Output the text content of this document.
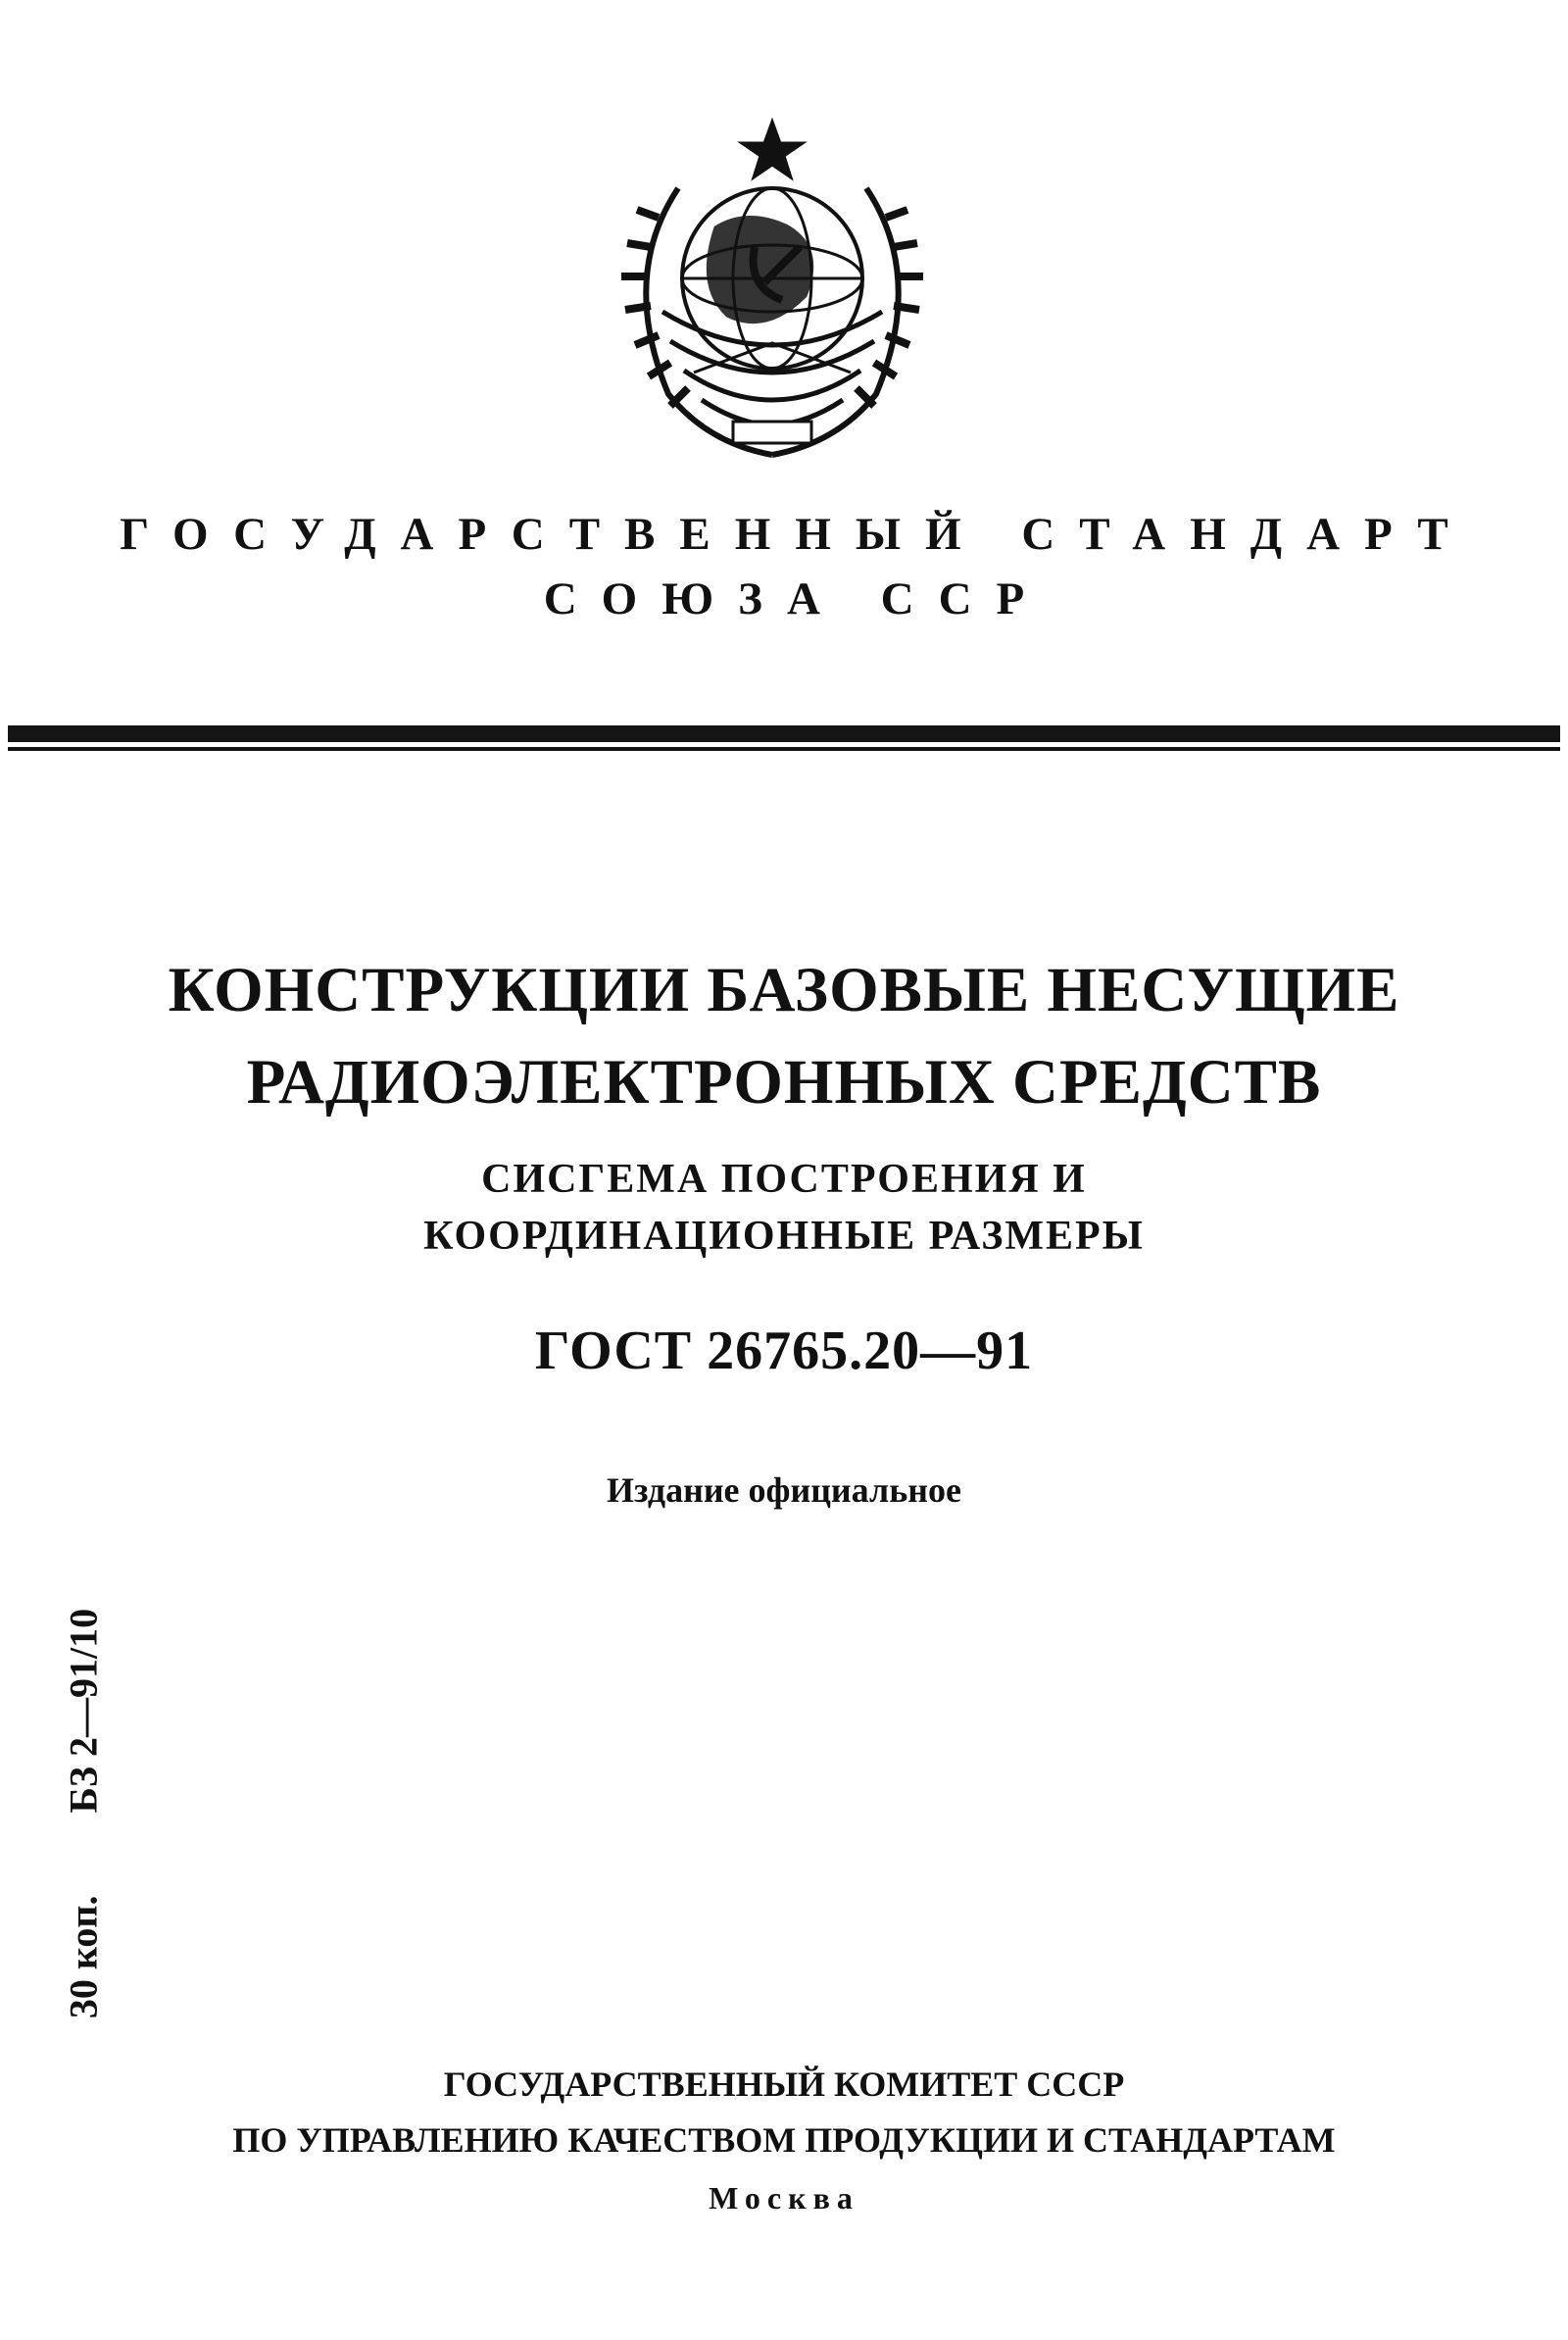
ГОСУДАРСТВЕННЫЙ СТАНДАРТ
СОЮЗА ССР
КОНСТРУКЦИИ БАЗОВЫЕ НЕСУЩИЕ
РАДИОЭЛЕКТРОННЫХ СРЕДСТВ
СИСГЕМА ПОСТРОЕНИЯ И
КООРДИНАЦИОННЫЕ РАЗМЕРЫ
ГОСТ 26765.20—91
Издание официальное
30 коп.БЗ 2—91/10
ГОСУДАРСТВЕННЫЙ КОМИТЕТ СССР
ПО УПРАВЛЕНИЮ КАЧЕСТВОМ ПРОДУКЦИИ И СТАНДАРТАМ
Москва
